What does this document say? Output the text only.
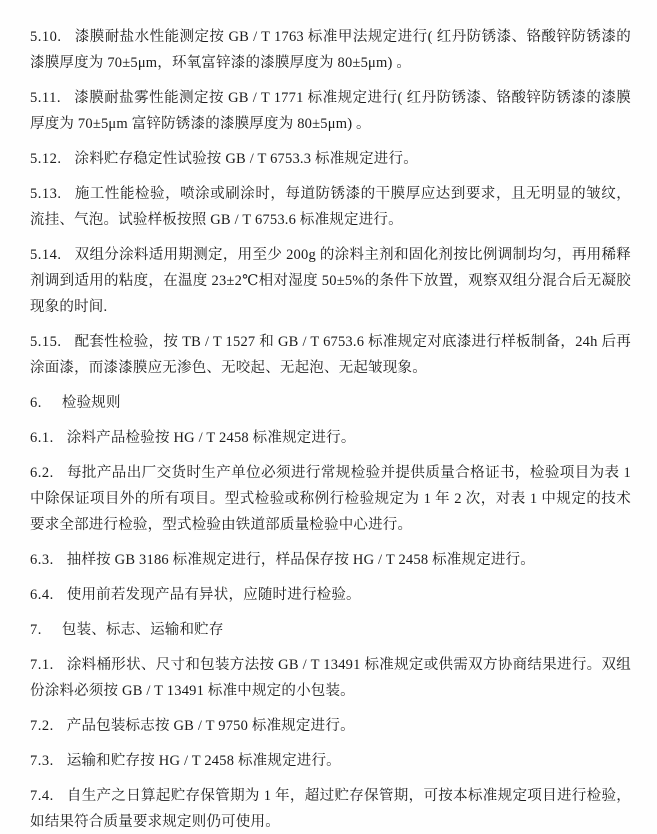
5.10. 漆膜耐盐水性能测定按 GB / T 1763 标准甲法规定进行( 红丹防锈漆、铬酸锌防锈漆的漆膜厚度为 70±5μm，环氧富锌漆的漆膜厚度为 80±5μm) 。

5.11. 漆膜耐盐雾性能测定按 GB / T 1771 标准规定进行( 红丹防锈漆、铬酸锌防锈漆的漆膜厚度为 70±5μm 富锌防锈漆的漆膜厚度为 80±5μm) 。

5.12. 涂料贮存稳定性试验按 GB / T 6753.3 标准规定进行。

5.13. 施工性能检验，喷涂或刷涂时，每道防锈漆的干膜厚应达到要求，且无明显的皱纹，流挂、气泡。试验样板按照 GB / T 6753.6 标准规定进行。

5.14. 双组分涂料适用期测定，用至少 200g 的涂料主剂和固化剂按比例调制均匀，再用稀释剂调到适用的粘度，在温度 23±2℃相对湿度 50±5%的条件下放置，观察双组分混合后无凝胶现象的时间.

5.15. 配套性检验，按 TB / T 1527 和 GB / T 6753.6 标准规定对底漆进行样板制备，24h 后再涂面漆，而漆漆膜应无渗色、无咬起、无起泡、无起皱现象。

6. 检验规则

6.1. 涂料产品检验按 HG / T 2458 标准规定进行。

6.2. 每批产品出厂交货时生产单位必须进行常规检验并提供质量合格证书，检验项目为表 1 中除保证项目外的所有项目。型式检验或称例行检验规定为 1 年 2 次，对表 1 中规定的技术要求全部进行检验，型式检验由铁道部质量检验中心进行。

6.3. 抽样按 GB 3186 标准规定进行，样品保存按 HG / T 2458 标准规定进行。

6.4. 使用前若发现产品有异状，应随时进行检验。

7. 包装、标志、运输和贮存

7.1. 涂料桶形状、尺寸和包装方法按 GB / T 13491 标准规定或供需双方协商结果进行。双组份涂料必须按 GB / T 13491 标准中规定的小包装。

7.2. 产品包装标志按 GB / T 9750 标准规定进行。

7.3. 运输和贮存按 HG / T 2458 标准规定进行。

7.4. 自生产之日算起贮存保管期为 1 年，超过贮存保管期，可按本标准规定项目进行检验，如结果符合质量要求规定则仍可使用。
